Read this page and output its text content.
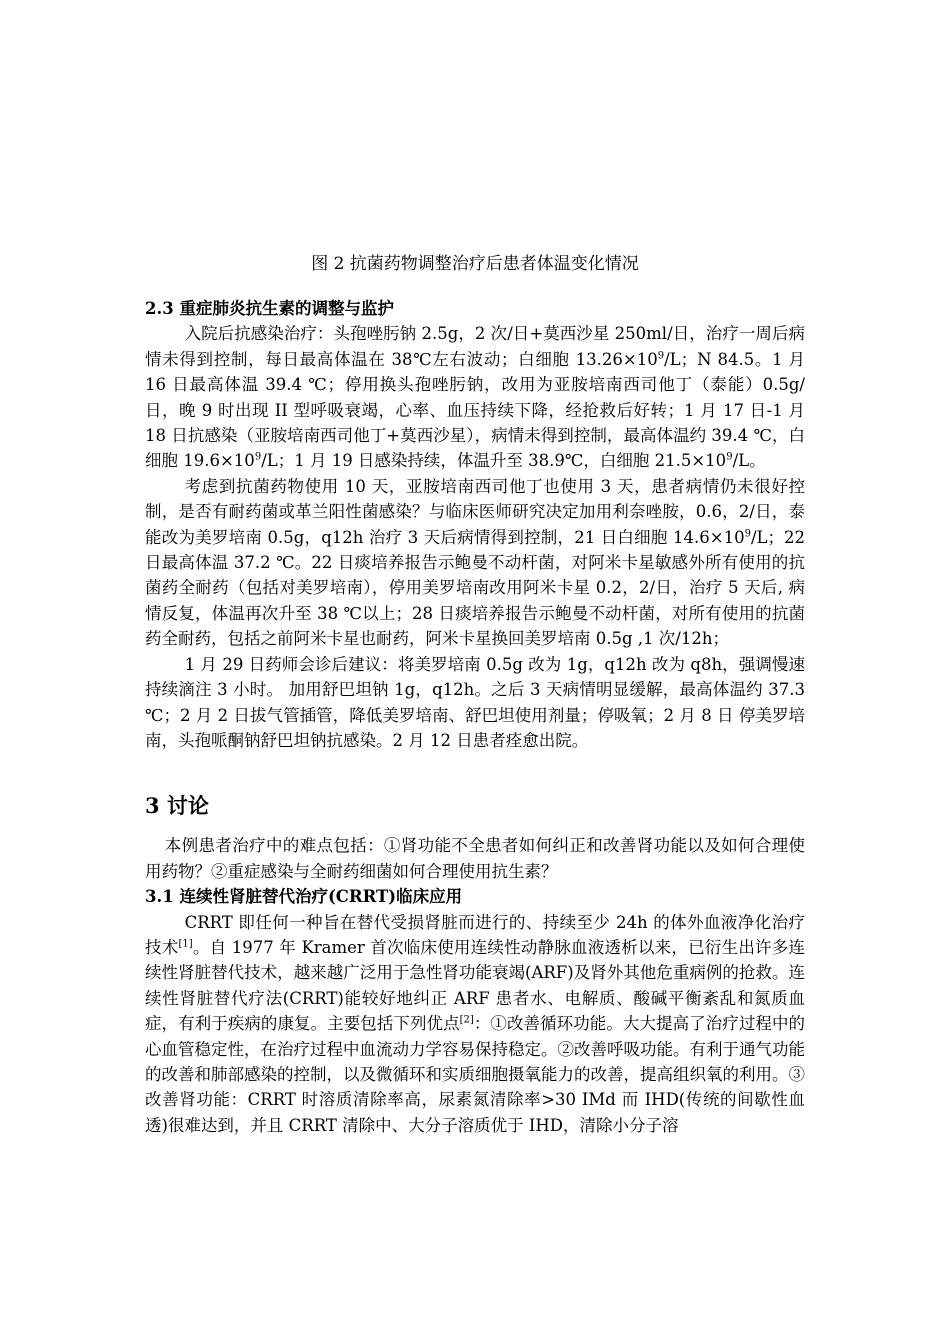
图 2 抗菌药物调整治疗后患者体温变化情况
2.3 重症肺炎抗生素的调整与监护

入院后抗感染治疗：头孢唑肟钠 2.5g，2 次/日+莫西沙星 250ml/日，治疗一周后病情未得到控制，每日最高体温在 38℃左右波动；白细胞 $13.26\times 10^9/L$；N 84.5。1 月 16 日最高体温 39.4 ℃；停用换头孢唑肟钠，改用为亚胺培南西司他丁（泰能）0.5g/日，晚 9 时出现 II 型呼吸衰竭，心率、血压持续下降，经抢救后好转；1 月 17 日-1 月 18 日抗感染（亚胺培南西司他丁+莫西沙星），病情未得到控制，最高体温约 39.4 ℃，白细胞 $19.6\times 10^9/L$；1 月 19 日感染持续，体温升至 38.9℃，白细胞 $21.5\times 10^9/L$。

考虑到抗菌药物使用 10 天，亚胺培南西司他丁也使用 3 天，患者病情仍未很好控制，是否有耐药菌或革兰阳性菌感染？与临床医师研究决定加用利奈唑胺，0.6，2/日，泰能改为美罗培南 0.5g，q12h 治疗 3 天后病情得到控制，21 日白细胞 $14.6\times 10^9/L$；22 日最高体温 37.2 ℃。22 日痰培养报告示鲍曼不动杆菌，对阿米卡星敏感外所有使用的抗菌药全耐药（包括对美罗培南），停用美罗培南改用阿米卡星 0.2，2/日，治疗 5 天后, 病情反复，体温再次升至 38 ℃以上；28 日痰培养报告示鲍曼不动杆菌，对所有使用的抗菌药全耐药，包括之前阿米卡星也耐药，阿米卡星换回美罗培南 0.5g ,1 次/12h；

1 月 29 日药师会诊后建议：将美罗培南 0.5g 改为 1g，q12h 改为 q8h，强调慢速持续滴注 3 小时。 加用舒巴坦钠 1g，q12h。之后 3 天病情明显缓解，最高体温约 37.3 ℃；2 月 2 日拔气管插管，降低美罗培南、舒巴坦使用剂量；停吸氧；2 月 8 日 停美罗培南，头孢哌酮钠舒巴坦钠抗感染。2 月 12 日患者痊愈出院。

3 讨论

本例患者治疗中的难点包括：①肾功能不全患者如何纠正和改善肾功能以及如何合理使用药物？②重症感染与全耐药细菌如何合理使用抗生素？

3.1 连续性肾脏替代治疗(CRRT)临床应用

CRRT 即任何一种旨在替代受损肾脏而进行的、持续至少 24h 的体外血液净化治疗技术[1]。自 1977 年 Kramer 首次临床使用连续性动静脉血液透析以来，已衍生出许多连续性肾脏替代技术，越来越广泛用于急性肾功能衰竭(ARF)及肾外其他危重病例的抢救。连续性肾脏替代疗法(CRRT)能较好地纠正 ARF 患者水、电解质、酸碱平衡紊乱和氮质血症，有利于疾病的康复。主要包括下列优点[2]：①改善循环功能。大大提高了治疗过程中的心血管稳定性，在治疗过程中血流动力学容易保持稳定。②改善呼吸功能。有利于通气功能的改善和肺部感染的控制，以及微循环和实质细胞摄氧能力的改善，提高组织氧的利用。③改善肾功能：CRRT 时溶质清除率高，尿素氮清除率>30 IMd 而 IHD(传统的间歇性血透)很难达到，并且 CRRT 清除中、大分子溶质优于 IHD，清除小分子溶
